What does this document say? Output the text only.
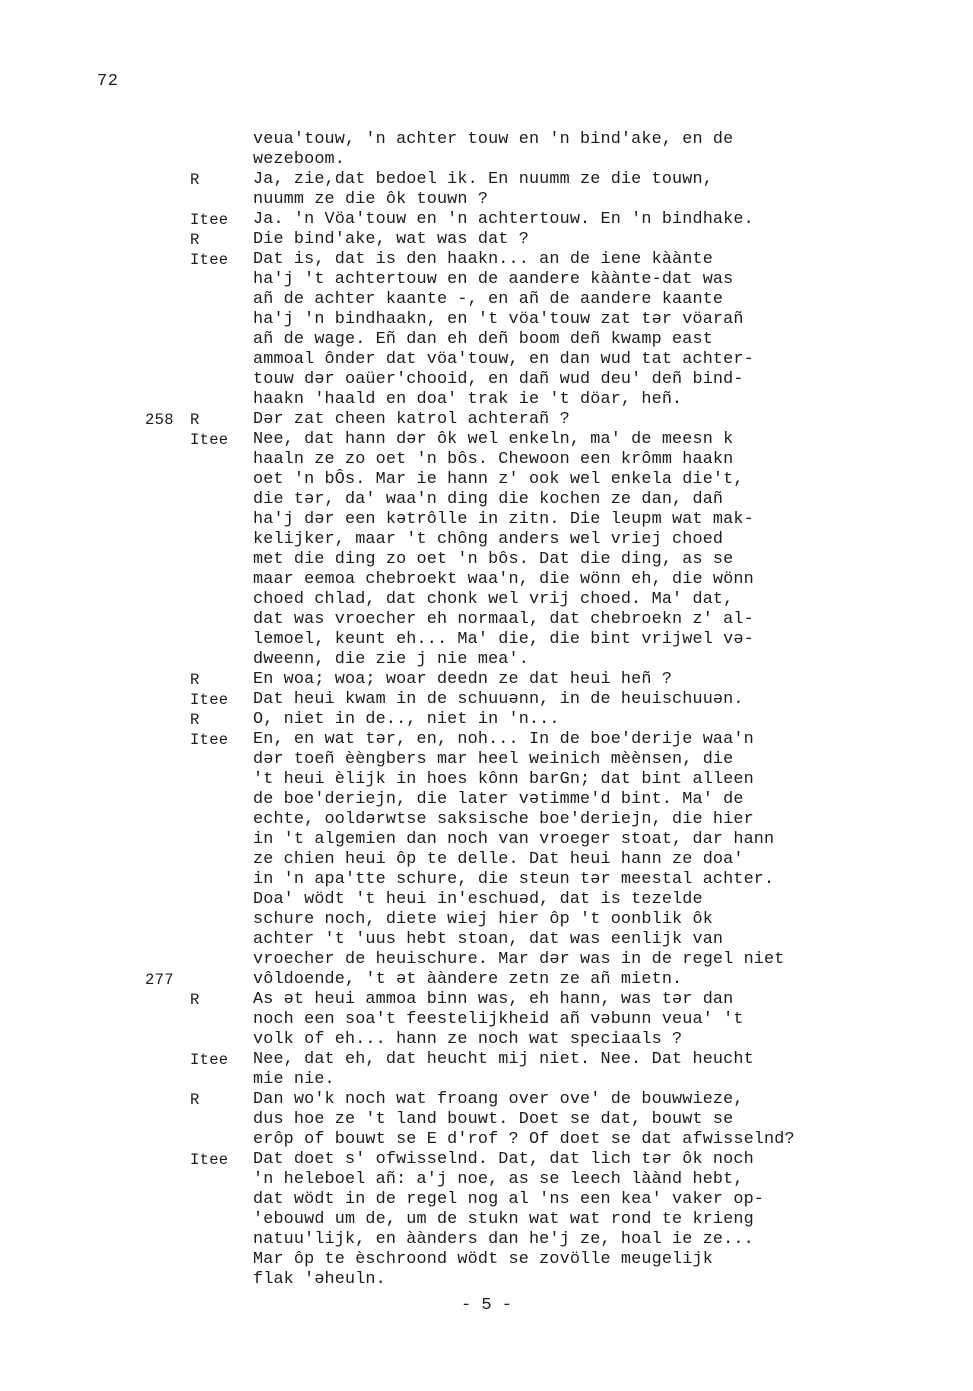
72
veua'touw, 'n achter touw en 'n bind'ake, en de
wezeboom.
R	Ja, zie,dat bedoel ik. En nuumm ze die touwn,
nuumm ze die ôk touwn ?
Itee	Ja. 'n Vöa'touw en 'n achtertouw. En 'n bindhake.
R	Die bind'ake, wat was dat ?
Itee	Dat is, dat is den haakn... an de iene kàànte
ha'j 't achtertouw en de aandere kàànte-dat was
añ de achter kaante -, en añ de aandere kaante
ha'j 'n bindhaakn, en 't vöa'touw zat tər vöarañ
añ de wage. Eñ dan eh deñ boom deñ kwamp east
ammoal ônder dat vöa'touw, en dan wud tat achter-
touw dər oaüer'chooid, en dañ wud deu' deñ bind-
haakn 'haald en doa' trak ie 't döar, heñ.
258	R	Dər zat cheen katrol achterañ ?
Itee	Nee, dat hann dər ôk wel enkeln, ma' de meesn k
haaln ze zo oet 'n bôs. Chewoon een krômm haakn
oet 'n bÔs. Mar ie hann z' ook wel enkela die't,
die tər, da' waa'n ding die kochen ze dan, dañ
ha'j dər een kətrôlle in zitn. Die leupm wat mak-
kelijker, maar 't chông anders wel vriej choed
met die ding zo oet 'n bôs. Dat die ding, as se
maar eemoa chebroekt waa'n, die wönn eh, die wönn
choed chlad, dat chonk wel vrij choed. Ma' dat,
dat was vroecher eh normaal, dat chebroekn z' al-
lemoel, keunt eh... Ma' die, die bint vrijwel və-
dweenn, die zie j nie mea'.
R	En woa; woa; woar deedn ze dat heui heñ ?
Itee	Dat heui kwam in de schuuənn, in de heuischuuən.
R	O, niet in de.., niet in 'n...
Itee	En, en wat tər, en, noh... In de boe'derije waa'n
dər toeñ èèngbers mar heel weinich mèènsen, die
't heui èlijk in hoes kônn barGn; dat bint alleen
de boe'deriejn, die later vətimme'd bint. Ma' de
echte, ooldərwtse saksische boe'deriejn, die hier
in 't algemien dan noch van vroeger stoat, dar hann
ze chien heui ôp te delle. Dat heui hann ze doa'
in 'n apa'tte schure, die steun tər meestal achter.
Doa' wödt 't heui in'eschuəd, dat is tezelde
schure noch, diete wiej hier ôp 't oonblik ôk
achter 't 'uus hebt stoan, dat was eenlijk van
vroecher de heuischure. Mar dər was in de regel niet
277	vôldoende, 't ət ààndere zetn ze añ mietn.
R	As ət heui ammoa binn was, eh hann, was tər dan
noch een soa't feestelijkheid añ vəbunn veua' 't
volk of eh... hann ze noch wat speciaals ?
Itee	Nee, dat eh, dat heucht mij niet. Nee. Dat heucht
mie nie.
R	Dan wo'k noch wat froang over ove' de bouwwieze,
dus hoe ze 't land bouwt. Doet se dat, bouwt se
erôp of bouwt se E d'rof ? Of doet se dat afwisselnd?
Itee	Dat doet s' ofwisselnd. Dat, dat lich tər ôk noch
'n heleboel añ: a'j noe, as se leech làànd hebt,
dat wödt in de regel nog al 'ns een kea' vaker op-
'ebouwd um de, um de stukn wat wat rond te krieng
natuu'lijk, en àànders dan he'j ze, hoal ie ze...
Mar ôp te èschroond wödt se zovölle meugelijk
flak 'əheuln.
- 5 -
